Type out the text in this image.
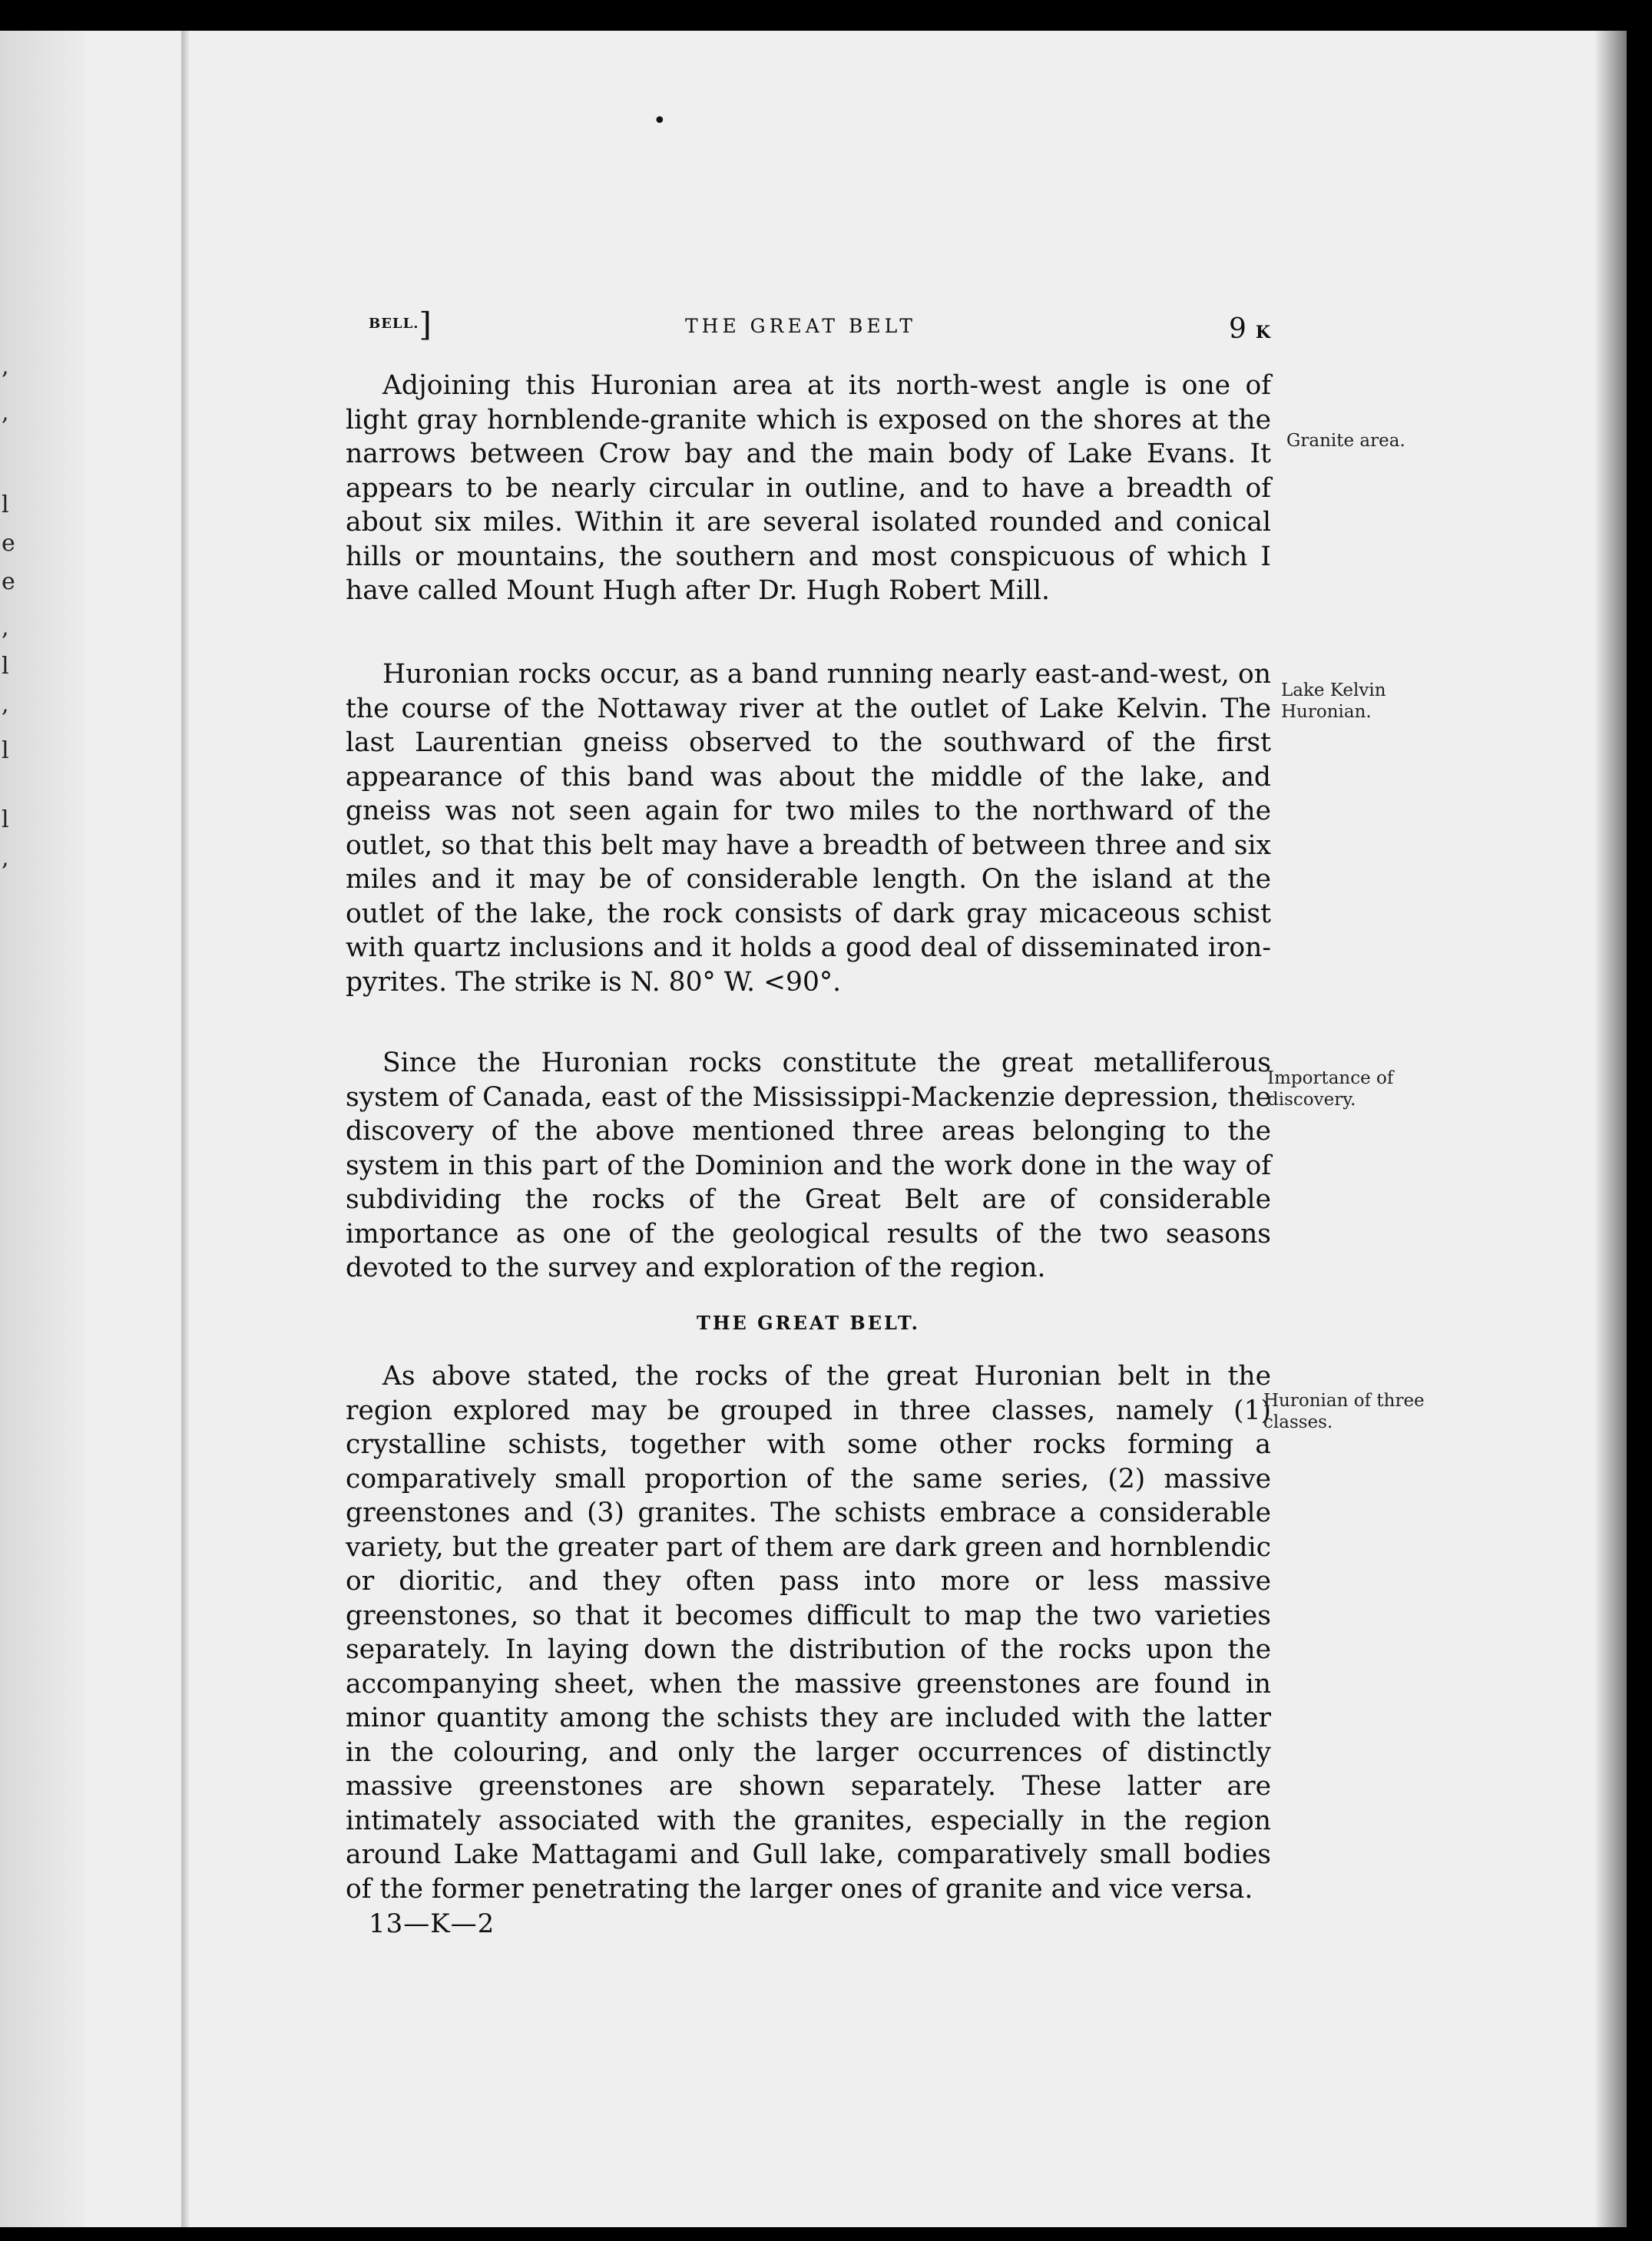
,
,
l
e
e
,
l
,
l
l
,
•
BELL.]	THE GREAT BELT	9 K

Adjoining this Huronian area at its north-west angle is one of light gray hornblende-granite which is exposed on the shores at the narrows between Crow bay and the main body of Lake Evans. It appears to be nearly circular in outline, and to have a breadth of about six miles. Within it are several isolated rounded and conical hills or mountains, the southern and most conspicuous of which I have called Mount Hugh after Dr. Hugh Robert Mill.

Huronian rocks occur, as a band running nearly east-and-west, on the course of the Nottaway river at the outlet of Lake Kelvin. The last Laurentian gneiss observed to the southward of the first appearance of this band was about the middle of the lake, and gneiss was not seen again for two miles to the northward of the outlet, so that this belt may have a breadth of between three and six miles and it may be of considerable length. On the island at the outlet of the lake, the rock consists of dark gray micaceous schist with quartz inclusions and it holds a good deal of disseminated iron-pyrites. The strike is N. 80° W. <90°.

Since the Huronian rocks constitute the great metalliferous system of Canada, east of the Mississippi-Mackenzie depression, the discovery of the above mentioned three areas belonging to the system in this part of the Dominion and the work done in the way of subdividing the rocks of the Great Belt are of considerable importance as one of the geological results of the two seasons devoted to the survey and exploration of the region.

THE GREAT BELT.

As above stated, the rocks of the great Huronian belt in the region explored may be grouped in three classes, namely (1) crystalline schists, together with some other rocks forming a comparatively small proportion of the same series, (2) massive greenstones and (3) granites. The schists embrace a considerable variety, but the greater part of them are dark green and hornblendic or dioritic, and they often pass into more or less massive greenstones, so that it becomes difficult to map the two varieties separately. In laying down the distribution of the rocks upon the accompanying sheet, when the massive greenstones are found in minor quantity among the schists they are included with the latter in the colouring, and only the larger occurrences of distinctly massive greenstones are shown separately. These latter are intimately associated with the granites, especially in the region around Lake Mattagami and Gull lake, comparatively small bodies of the former penetrating the larger ones of granite and vice versa.

13—K—2
Granite area.
Lake Kelvin Huronian.
Importance of discovery.
Huronian of three classes.
